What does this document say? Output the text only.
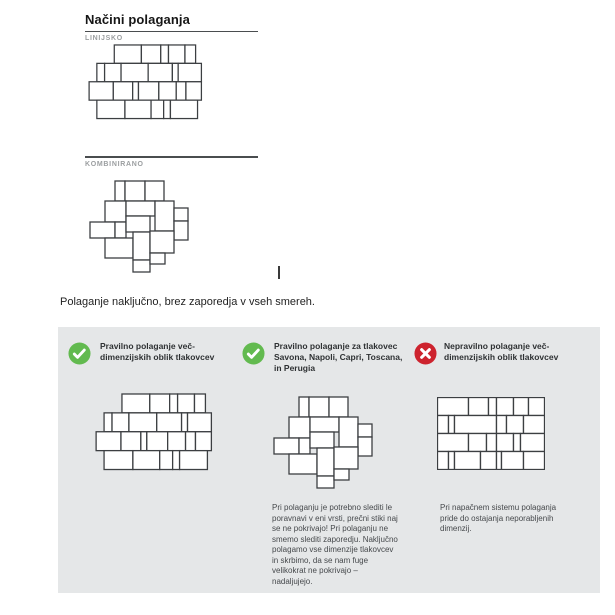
Načini polaganja
LINIJSKO
KOMBINIRANO

Polaganje naključno, brez zaporedja v vseh smereh.

Pravilno polaganje več-dimenzijskih oblik tlakovcev
Pravilno polaganje za tlakovec Savona, Napoli, Capri, Toscana, in Perugia

Pri polaganju je potrebno slediti le poravnavi v eni vrsti, prečni stiki naj se ne pokrivajo! Pri polaganju ne smemo slediti zaporedju. Naključno polagamo vse dimenzije tlakovcev in skrbimo, da se nam fuge velikokrat ne pokrivajo – nadaljujejo.

Nepravilno polaganje več-dimenzijskih oblik tlakovcev

Pri napačnem sistemu polaganja pride do ostajanja neporabljenih dimenzij.
